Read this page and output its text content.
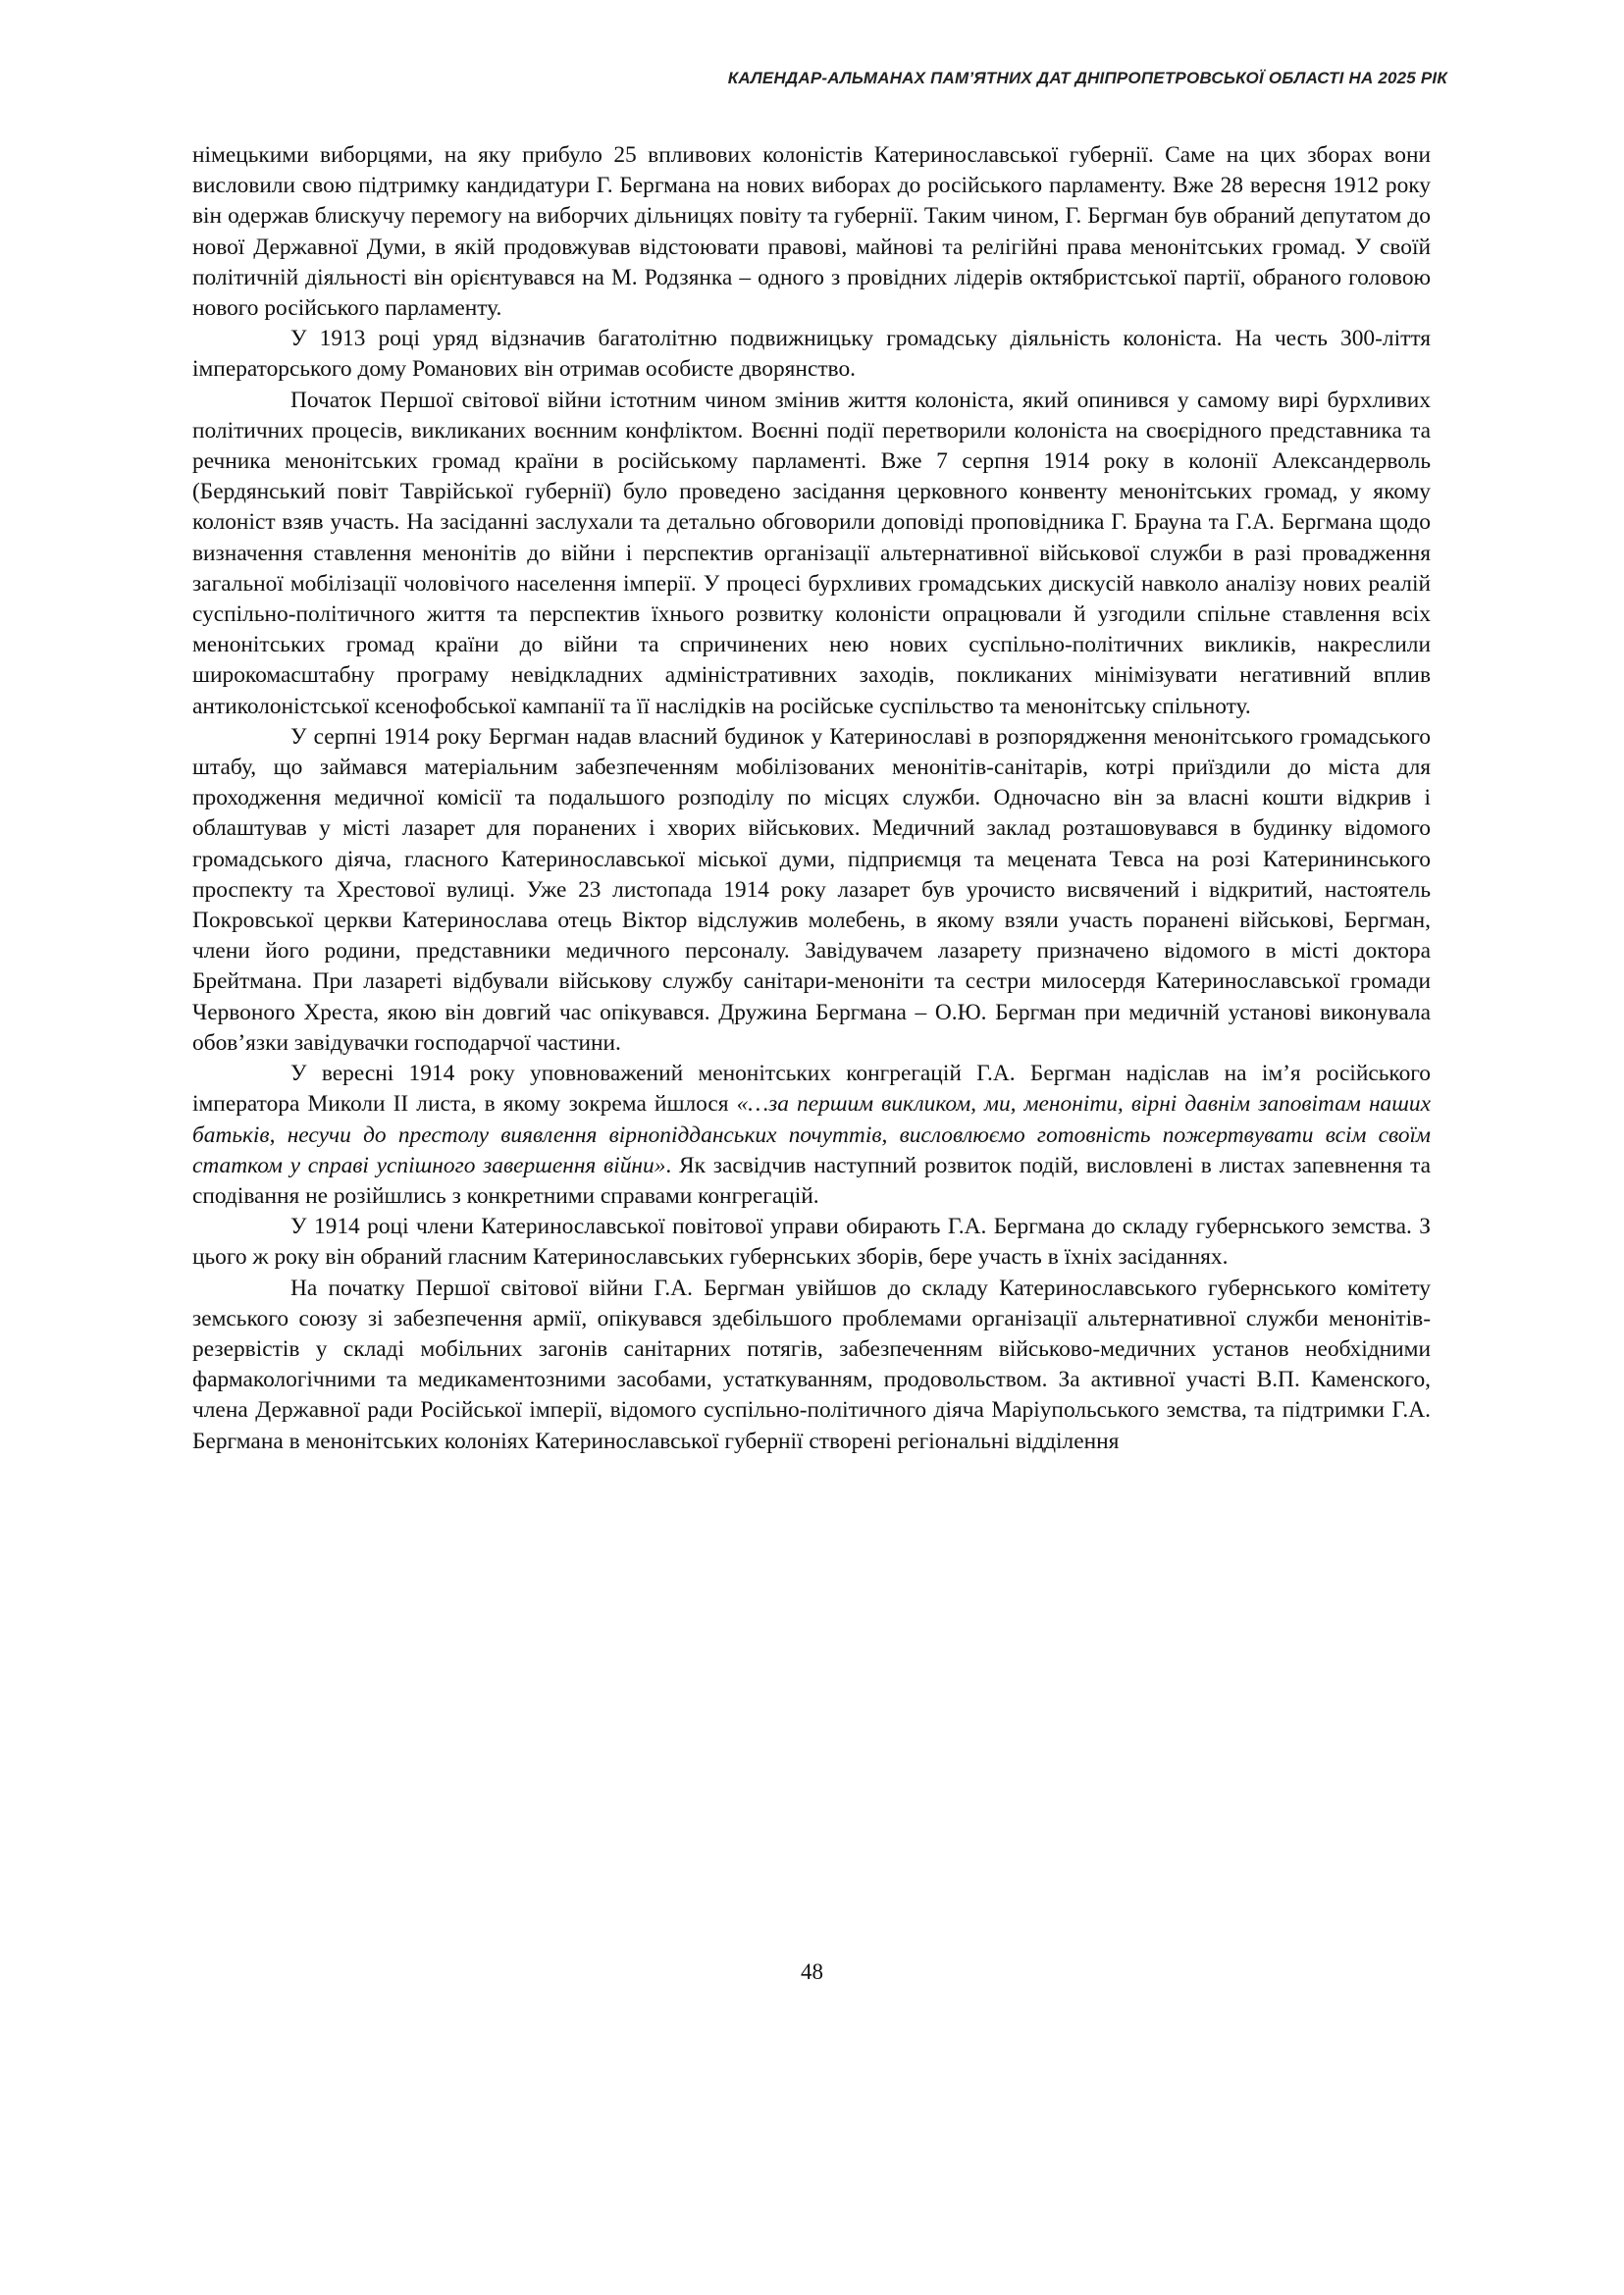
КАЛЕНДАР-АЛЬМАНАХ ПАМ’ЯТНИХ ДАТ ДНІПРОПЕТРОВСЬКОЇ ОБЛАСТІ НА 2025 РІК

німецькими виборцями, на яку прибуло 25 впливових колоністів Катеринославської губернії. Саме на цих зборах вони висловили свою підтримку кандидатури Г. Бергмана на нових виборах до російського парламенту. Вже 28 вересня 1912 року він одержав блискучу перемогу на виборчих дільницях повіту та губернії. Таким чином, Г. Бергман був обраний депутатом до нової Державної Думи, в якій продовжував відстоювати правові, майнові та релігійні права менонітських громад. У своїй політичній діяльності він орієнтувався на М. Родзянка – одного з провідних лідерів октябристської партії, обраного головою нового російського парламенту.

У 1913 році уряд відзначив багатолітню подвижницьку громадську діяльність колоніста. На честь 300-ліття імператорського дому Романових він отримав особисте дворянство.

Початок Першої світової війни істотним чином змінив життя колоніста, який опинився у самому вирі бурхливих політичних процесів, викликаних воєнним конфліктом. Воєнні події перетворили колоніста на своєрідного представника та речника менонітських громад країни в російському парламенті. Вже 7 серпня 1914 року в колонії Александерволь (Бердянський повіт Таврійської губернії) було проведено засідання церковного конвенту менонітських громад, у якому колоніст взяв участь. На засіданні заслухали та детально обговорили доповіді проповідника Г. Брауна та Г.А. Бергмана щодо визначення ставлення менонітів до війни і перспектив організації альтернативної військової служби в разі провадження загальної мобілізації чоловічого населення імперії. У процесі бурхливих громадських дискусій навколо аналізу нових реалій суспільно-політичного життя та перспектив їхнього розвитку колоністи опрацювали й узгодили спільне ставлення всіх менонітських громад країни до війни та спричинених нею нових суспільно-політичних викликів, накреслили широкомасштабну програму невідкладних адміністративних заходів, покликаних мінімізувати негативний вплив антиколоністської ксенофобської кампанії та її наслідків на російське суспільство та менонітську спільноту.

У серпні 1914 року Бергман надав власний будинок у Катеринославі в розпорядження менонітського громадського штабу, що займався матеріальним забезпеченням мобілізованих менонітів-санітарів, котрі приїздили до міста для проходження медичної комісії та подальшого розподілу по місцях служби. Одночасно він за власні кошти відкрив і облаштував у місті лазарет для поранених і хворих військових. Медичний заклад розташовувався в будинку відомого громадського діяча, гласного Катеринославської міської думи, підприємця та мецената Тевса на розі Катерининського проспекту та Хрестової вулиці. Уже 23 листопада 1914 року лазарет був урочисто висвячений і відкритий, настоятель Покровської церкви Катеринослава отець Віктор відслужив молебень, в якому взяли участь поранені військові, Бергман, члени його родини, представники медичного персоналу. Завідувачем лазарету призначено відомого в місті доктора Брейтмана. При лазареті відбували військову службу санітари-меноніти та сестри милосердя Катеринославської громади Червоного Хреста, якою він довгий час опікувався. Дружина Бергмана – О.Ю. Бергман при медичній установі виконувала обов’язки завідувачки господарчої частини.

У вересні 1914 року уповноважений менонітських конгрегацій Г.А. Бергман надіслав на ім’я російського імператора Миколи ІІ листа, в якому зокрема йшлося «…за першим викликом, ми, меноніти, вірні давнім заповітам наших батьків, несучи до престолу виявлення вірнопідданських почуттів, висловлюємо готовність пожертвувати всім своїм статком у справі успішного завершення війни». Як засвідчив наступний розвиток подій, висловлені в листах запевнення та сподівання не розійшлись з конкретними справами конгрегацій.

У 1914 році члени Катеринославської повітової управи обирають Г.А. Бергмана до складу губернського земства. З цього ж року він обраний гласним Катеринославських губернських зборів, бере участь в їхніх засіданнях.

На початку Першої світової війни Г.А. Бергман увійшов до складу Катеринославського губернського комітету земського союзу зі забезпечення армії, опікувався здебільшого проблемами організації альтернативної служби менонітів-резервістів у складі мобільних загонів санітарних потягів, забезпеченням військово-медичних установ необхідними фармакологічними та медикаментозними засобами, устаткуванням, продовольством. За активної участі В.П. Каменского, члена Державної ради Російської імперії, відомого суспільно-політичного діяча Маріупольського земства, та підтримки Г.А. Бергмана в менонітських колоніях Катеринославської губернії створені регіональні відділення

48
